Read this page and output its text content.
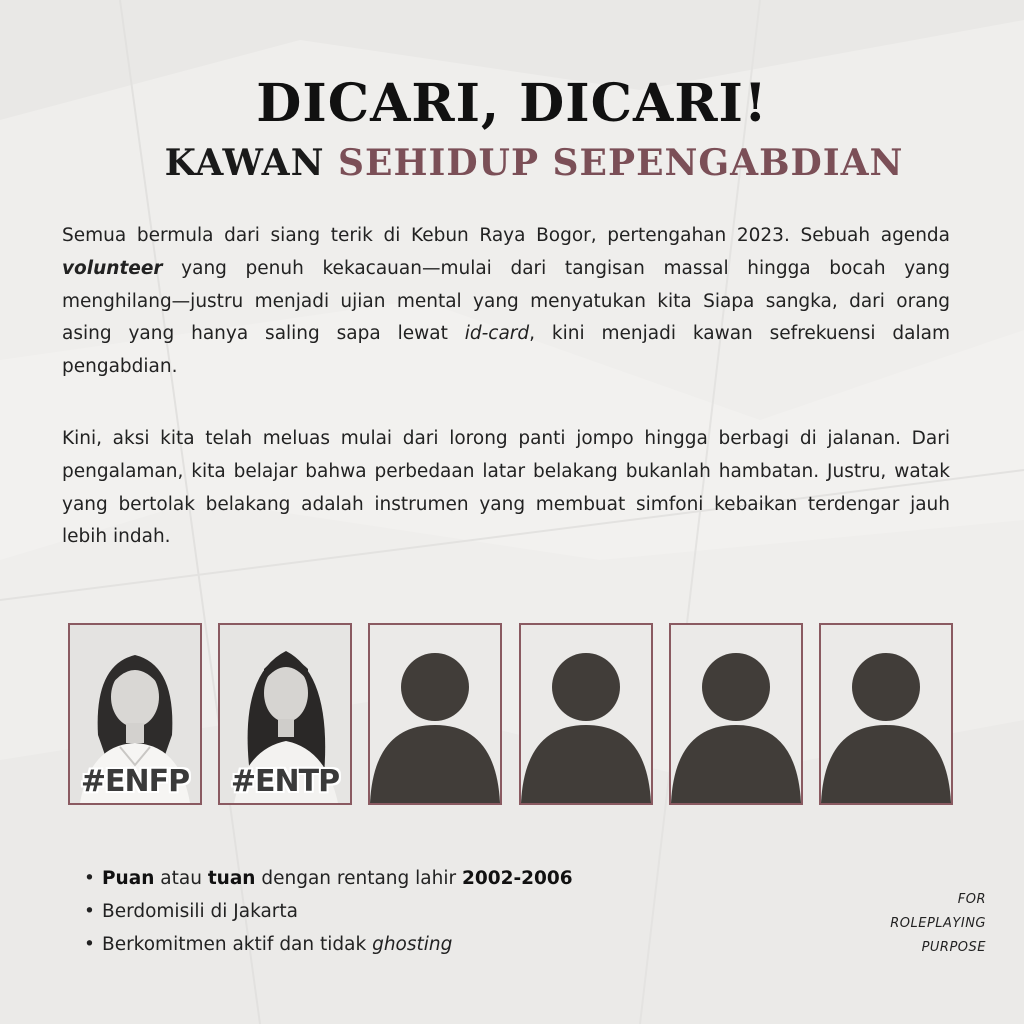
DICARI, DICARI!
KAWAN SEHIDUP SEPENGABDIAN

Semua bermula dari siang terik di Kebun Raya Bogor, pertengahan 2023. Sebuah agenda volunteer yang penuh kekacauan—mulai dari tangisan massal hingga bocah yang menghilang—justru menjadi ujian mental yang menyatukan kita Siapa sangka, dari orang asing yang hanya saling sapa lewat id-card, kini menjadi kawan sefrekuensi dalam pengabdian.

Kini, aksi kita telah meluas mulai dari lorong panti jompo hingga berbagi di jalanan. Dari pengalaman, kita belajar bahwa perbedaan latar belakang bukanlah hambatan. Justru, watak yang bertolak belakang adalah instrumen yang membuat simfoni kebaikan terdengar jauh lebih indah.

#ENFP	#ENTP
• Puan atau tuan dengan rentang lahir 2002-2006
• Berdomisili di Jakarta
• Berkomitmen aktif dan tidak ghosting
FOR
ROLEPLAYING
PURPOSE
